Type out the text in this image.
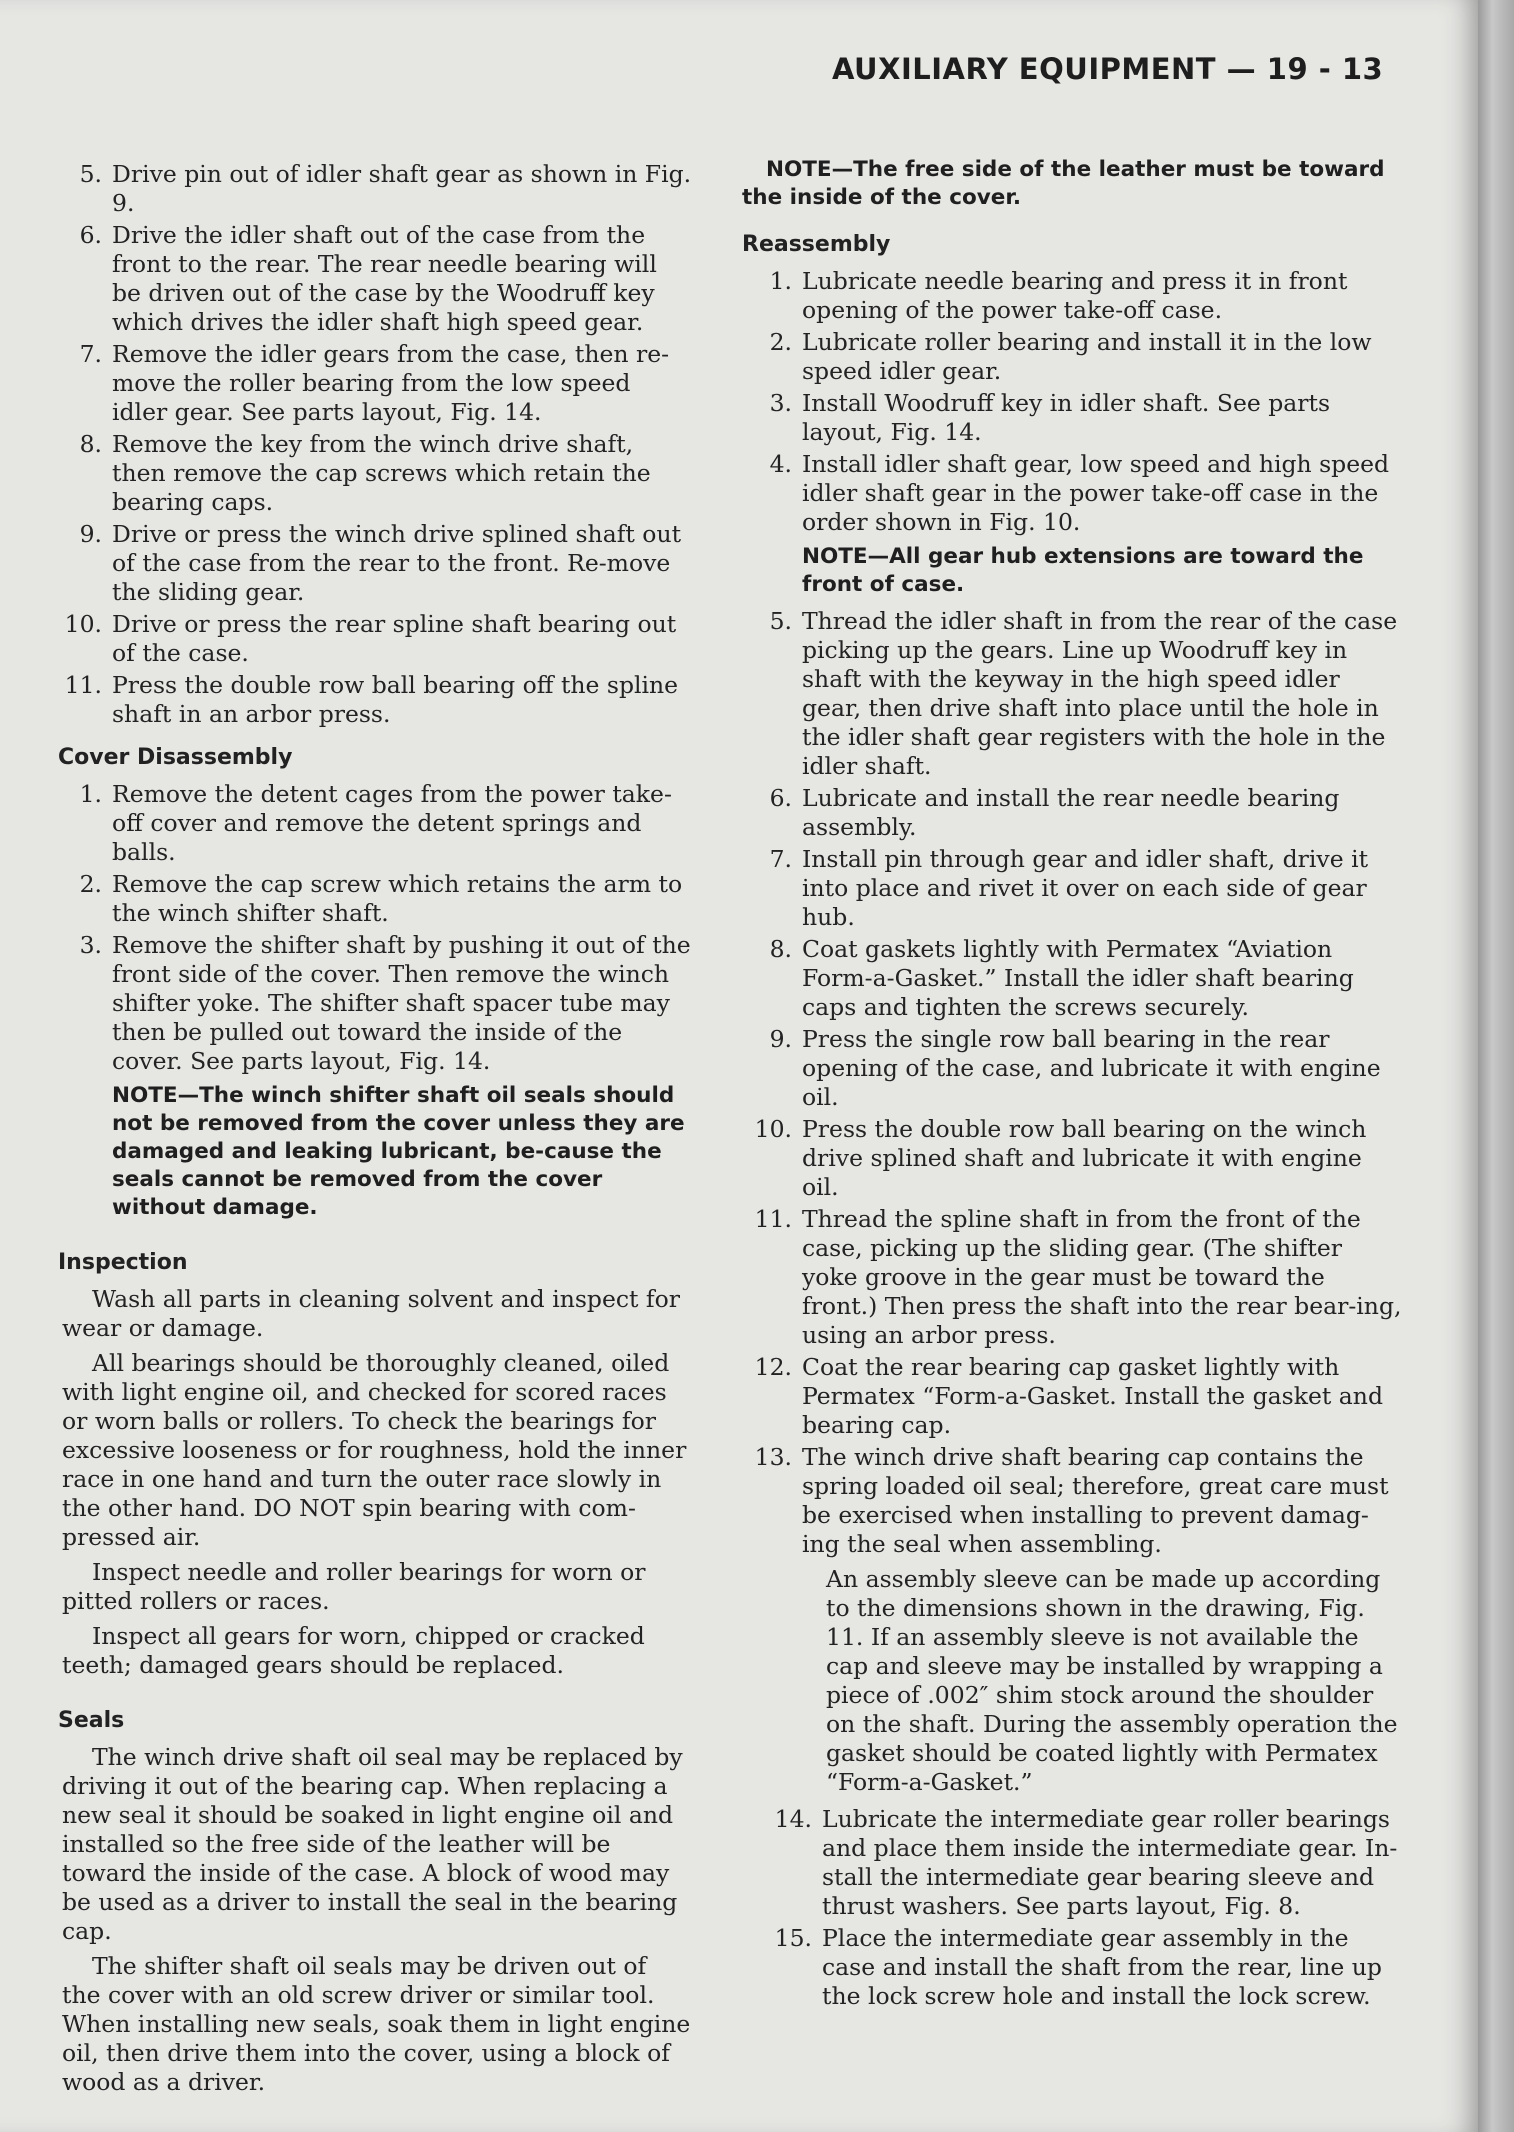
AUXILIARY EQUIPMENT — 19 - 13
5. Drive pin out of idler shaft gear as shown in Fig. 9.
6. Drive the idler shaft out of the case from the front to the rear. The rear needle bearing will be driven out of the case by the Woodruff key which drives the idler shaft high speed gear.
7. Remove the idler gears from the case, then re-move the roller bearing from the low speed idler gear. See parts layout, Fig. 14.
8. Remove the key from the winch drive shaft, then remove the cap screws which retain the bearing caps.
9. Drive or press the winch drive splined shaft out of the case from the rear to the front. Re-move the sliding gear.
10. Drive or press the rear spline shaft bearing out of the case.
11. Press the double row ball bearing off the spline shaft in an arbor press.
Cover Disassembly
1. Remove the detent cages from the power take-off cover and remove the detent springs and balls.
2. Remove the cap screw which retains the arm to the winch shifter shaft.
3. Remove the shifter shaft by pushing it out of the front side of the cover. Then remove the winch shifter yoke. The shifter shaft spacer tube may then be pulled out toward the inside of the cover. See parts layout, Fig. 14.
NOTE—The winch shifter shaft oil seals should not be removed from the cover unless they are damaged and leaking lubricant, be-cause the seals cannot be removed from the cover without damage.
Inspection
Wash all parts in cleaning solvent and inspect for wear or damage.
All bearings should be thoroughly cleaned, oiled with light engine oil, and checked for scored races or worn balls or rollers. To check the bearings for excessive looseness or for roughness, hold the inner race in one hand and turn the outer race slowly in the other hand. DO NOT spin bearing with com-pressed air.
Inspect needle and roller bearings for worn or pitted rollers or races.
Inspect all gears for worn, chipped or cracked teeth; damaged gears should be replaced.
Seals
The winch drive shaft oil seal may be replaced by driving it out of the bearing cap. When replacing a new seal it should be soaked in light engine oil and installed so the free side of the leather will be toward the inside of the case. A block of wood may be used as a driver to install the seal in the bearing cap.
The shifter shaft oil seals may be driven out of the cover with an old screw driver or similar tool. When installing new seals, soak them in light engine oil, then drive them into the cover, using a block of wood as a driver.
NOTE—The free side of the leather must be toward the inside of the cover.
Reassembly
1. Lubricate needle bearing and press it in front opening of the power take-off case.
2. Lubricate roller bearing and install it in the low speed idler gear.
3. Install Woodruff key in idler shaft. See parts layout, Fig. 14.
4. Install idler shaft gear, low speed and high speed idler shaft gear in the power take-off case in the order shown in Fig. 10.
NOTE—All gear hub extensions are toward the front of case.
5. Thread the idler shaft in from the rear of the case picking up the gears. Line up Woodruff key in shaft with the keyway in the high speed idler gear, then drive shaft into place until the hole in the idler shaft gear registers with the hole in the idler shaft.
6. Lubricate and install the rear needle bearing assembly.
7. Install pin through gear and idler shaft, drive it into place and rivet it over on each side of gear hub.
8. Coat gaskets lightly with Permatex “Aviation Form-a-Gasket.” Install the idler shaft bearing caps and tighten the screws securely.
9. Press the single row ball bearing in the rear opening of the case, and lubricate it with engine oil.
10. Press the double row ball bearing on the winch drive splined shaft and lubricate it with engine oil.
11. Thread the spline shaft in from the front of the case, picking up the sliding gear. (The shifter yoke groove in the gear must be toward the front.) Then press the shaft into the rear bear-ing, using an arbor press.
12. Coat the rear bearing cap gasket lightly with Permatex “Form-a-Gasket. Install the gasket and bearing cap.
13. The winch drive shaft bearing cap contains the spring loaded oil seal; therefore, great care must be exercised when installing to prevent damag-ing the seal when assembling.
An assembly sleeve can be made up according to the dimensions shown in the drawing, Fig. 11. If an assembly sleeve is not available the cap and sleeve may be installed by wrapping a piece of .002″ shim stock around the shoulder on the shaft. During the assembly operation the gasket should be coated lightly with Permatex “Form-a-Gasket.”
14. Lubricate the intermediate gear roller bearings and place them inside the intermediate gear. In-stall the intermediate gear bearing sleeve and thrust washers. See parts layout, Fig. 8.
15. Place the intermediate gear assembly in the case and install the shaft from the rear, line up the lock screw hole and install the lock screw.
